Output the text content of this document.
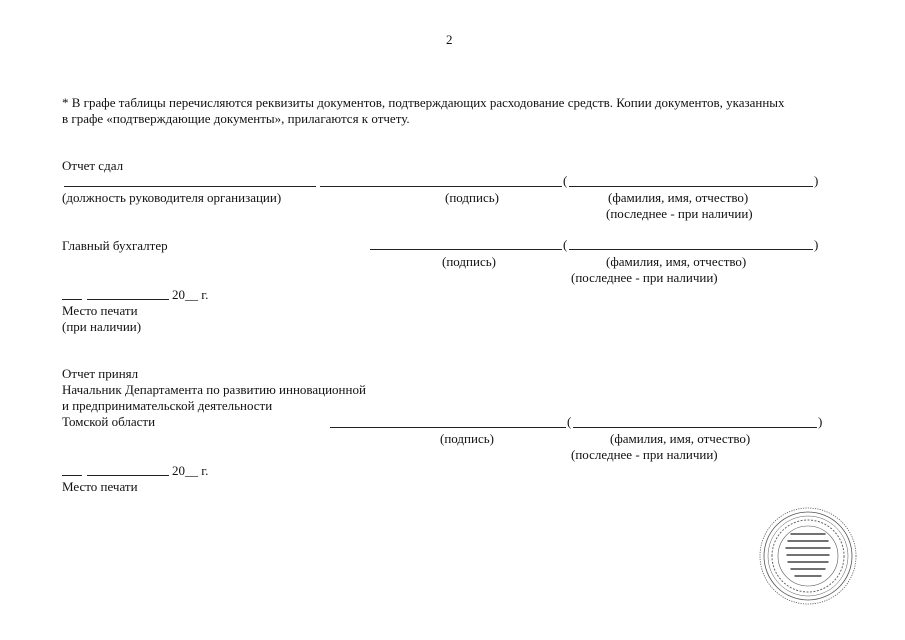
2
* В графе таблицы перечисляются реквизиты документов, подтверждающих расходование средств. Копии документов, указанных
в графе «подтверждающие документы», прилагаются к отчету.
Отчет сдал
(	)
(должность руководителя организации)	(подпись)	(фамилия, имя, отчество)
(последнее - при наличии)
Главный бухгалтер	(	)
(подпись)	(фамилия, имя, отчество)
(последнее - при наличии)
20__ г.
Место печати
(при наличии)
Отчет принял
Начальник Департамента по развитию инновационной
и предпринимательской деятельности
Томской области	(	)
(подпись)	(фамилия, имя, отчество)
(последнее - при наличии)
20__ г.
Место печати
